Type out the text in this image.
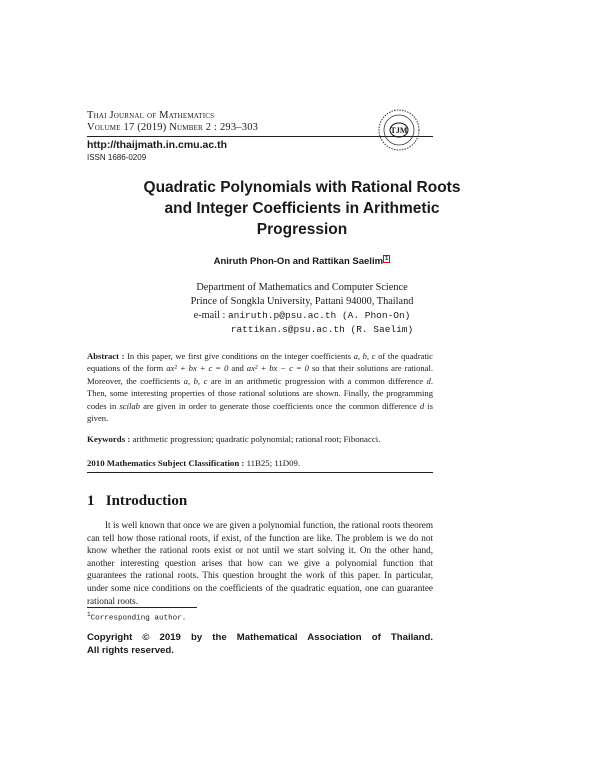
Thai Journal of Mathematics
Volume 17 (2019) Number 2 : 293–303
http://thaijmath.in.cmu.ac.th
ISSN 1686-0209
TJM
Quadratic Polynomials with Rational Roots
and Integer Coefficients in Arithmetic
Progression
Aniruth Phon-On and Rattikan Saelim $^1$
Department of Mathematics and Computer Science
Prince of Songkla University, Pattani 94000, Thailand
e-mail : aniruth.p@psu.ac.th (A. Phon-On)
rattikan.s@psu.ac.th (R. Saelim)
Abstract : In this paper, we first give conditions on the integer coefficients a, b, c of the quadratic equations of the form ax² + bx + c = 0 and ax² + bx − c = 0 so that their solutions are rational. Moreover, the coefficients a, b, c are in an arithmetic progression with a common difference d. Then, some interesting properties of those rational solutions are shown. Finally, the programming codes in scilab are given in order to generate those coefficients once the common difference d is given.
Keywords : arithmetic progression; quadratic polynomial; rational root; Fibonacci.
2010 Mathematics Subject Classification : 11B25; 11D09.
1 Introduction
It is well known that once we are given a polynomial function, the rational roots theorem can tell how those rational roots, if exist, of the function are like. The problem is we do not know whether the rational roots exist or not until we start solving it. On the other hand, another interesting question arises that how can we give a polynomial function that guarantees the rational roots. This question brought the work of this paper. In particular, under some nice conditions on the coefficients of the quadratic equation, one can guarantee rational roots.
$^1$Corresponding author.
Copyright © 2019 by the Mathematical Association of Thailand.
All rights reserved.
